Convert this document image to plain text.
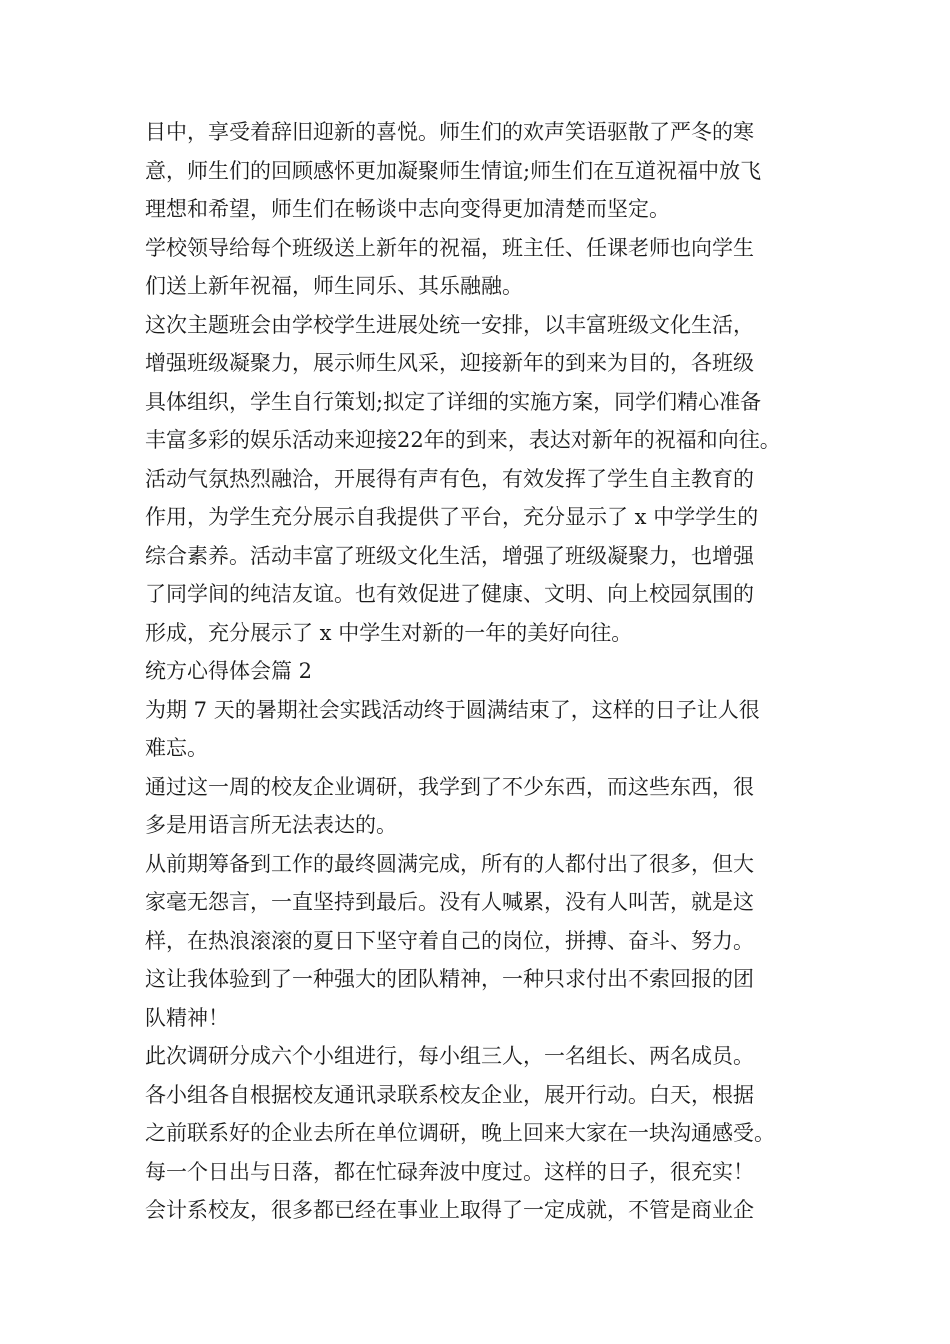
目中，享受着辞旧迎新的喜悦。师生们的欢声笑语驱散了严冬的寒
意，师生们的回顾感怀更加凝聚师生情谊;师生们在互道祝福中放飞
理想和希望，师生们在畅谈中志向变得更加清楚而坚定。
学校领导给每个班级送上新年的祝福，班主任、任课老师也向学生
们送上新年祝福，师生同乐、其乐融融。
这次主题班会由学校学生进展处统一安排，以丰富班级文化生活，
增强班级凝聚力，展示师生风采，迎接新年的到来为目的，各班级
具体组织，学生自行策划;拟定了详细的实施方案，同学们精心准备
丰富多彩的娱乐活动来迎接22年的到来，表达对新年的祝福和向往。
活动气氛热烈融洽，开展得有声有色，有效发挥了学生自主教育的
作用，为学生充分展示自我提供了平台，充分显示了 x 中学学生的
综合素养。活动丰富了班级文化生活，增强了班级凝聚力，也增强
了同学间的纯洁友谊。也有效促进了健康、文明、向上校园氛围的
形成，充分展示了 x 中学生对新的一年的美好向往。
统方心得体会篇 2
为期 7 天的暑期社会实践活动终于圆满结束了，这样的日子让人很
难忘。
通过这一周的校友企业调研，我学到了不少东西，而这些东西，很
多是用语言所无法表达的。
从前期筹备到工作的最终圆满完成，所有的人都付出了很多，但大
家毫无怨言，一直坚持到最后。没有人喊累，没有人叫苦，就是这
样，在热浪滚滚的夏日下坚守着自己的岗位，拼搏、奋斗、努力。
这让我体验到了一种强大的团队精神，一种只求付出不索回报的团
队精神！
此次调研分成六个小组进行，每小组三人，一名组长、两名成员。
各小组各自根据校友通讯录联系校友企业，展开行动。白天，根据
之前联系好的企业去所在单位调研，晚上回来大家在一块沟通感受。
每一个日出与日落，都在忙碌奔波中度过。这样的日子，很充实！
会计系校友，很多都已经在事业上取得了一定成就，不管是商业企
